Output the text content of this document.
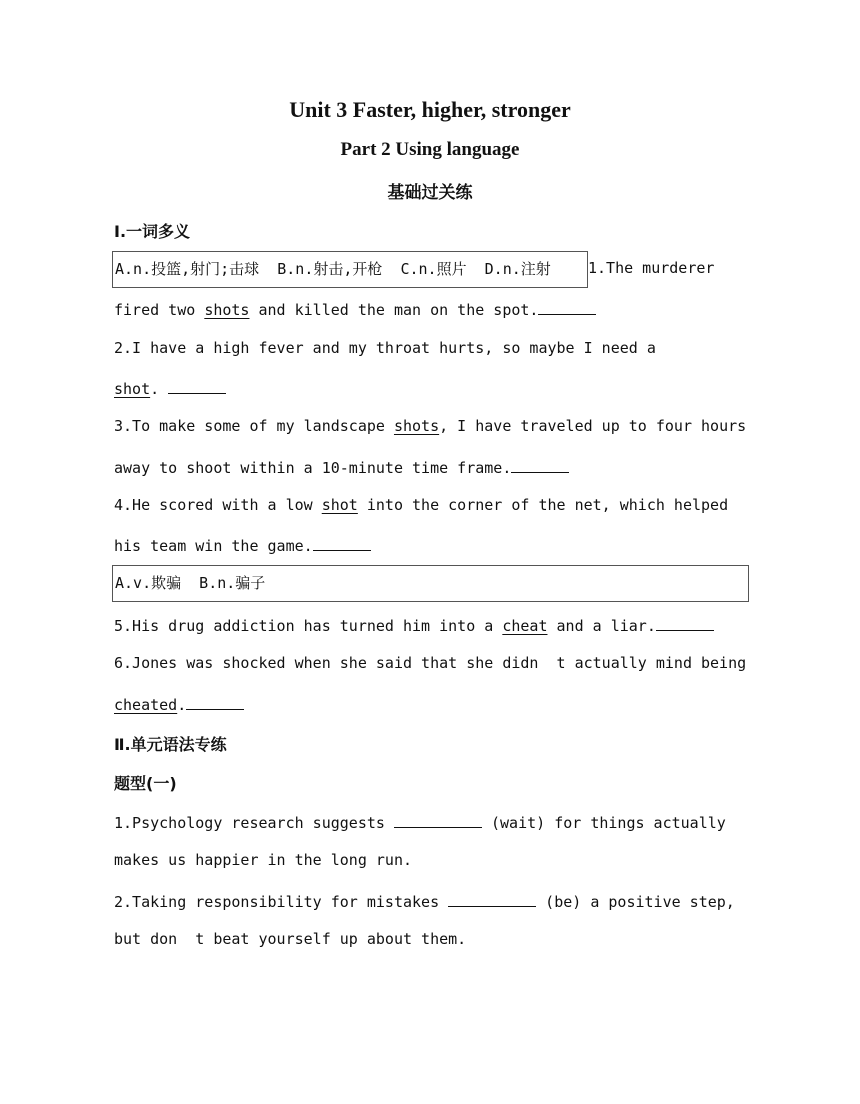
Unit 3 Faster, higher, stronger
Part 2 Using language
基础过关练
Ⅰ.一词多义
A.n.投篮,射门;击球  B.n.射击,开枪  C.n.照片  D.n.注射	1.The murderer
fired two shots and killed the man on the spot.
2.I have a high fever and my throat hurts, so maybe I need a
shot.
3.To make some of my landscape shots, I have traveled up to four hours
away to shoot within a 10-minute time frame.
4.He scored with a low shot into the corner of the net, which helped
his team win the game.
A.v.欺骗  B.n.骗子
5.His drug addiction has turned him into a cheat and a liar.
6.Jones was shocked when she said that she didn  t actually mind being
cheated.
Ⅱ.单元语法专练
题型(一)
1.Psychology research suggests	(wait) for things actually
makes us happier in the long run.
2.Taking responsibility for mistakes	(be) a positive step,
but don  t beat yourself up about them.
